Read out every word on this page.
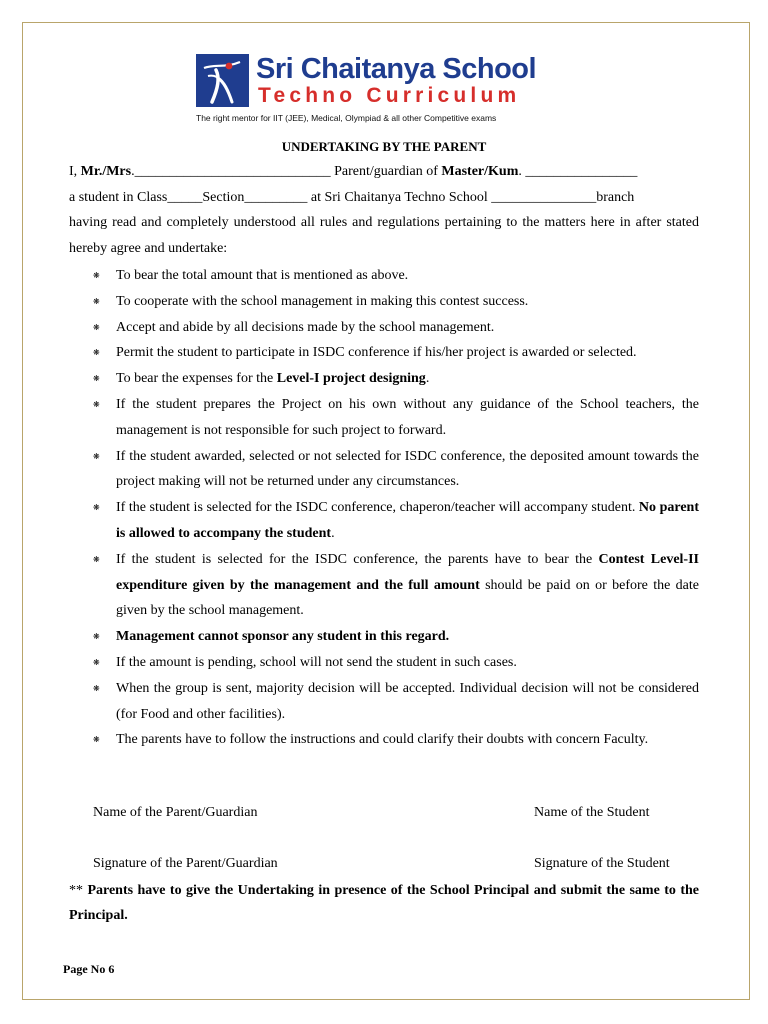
Sri Chaitanya School
Techno Curriculum
The right mentor for IIT (JEE), Medical, Olympiad & all other Competitive exams
UNDERTAKING BY THE PARENT
I, Mr./Mrs.____________________________ Parent/guardian of Master/Kum. ________________
a student in Class_____Section_________ at Sri Chaitanya Techno School _______________branch
having read and completely understood all rules and regulations pertaining to the matters here in after stated hereby agree and undertake:
❋ To bear the total amount that is mentioned as above.
❋ To cooperate with the school management in making this contest success.
❋ Accept and abide by all decisions made by the school management.
❋ Permit the student to participate in ISDC conference if his/her project is awarded or selected.
❋ To bear the expenses for the Level-I project designing.
❋ If the student prepares the Project on his own without any guidance of the School teachers, the management is not responsible for such project to forward.
❋ If the student awarded, selected or not selected for ISDC conference, the deposited amount towards the project making will not be returned under any circumstances.
❋ If the student is selected for the ISDC conference, chaperon/teacher will accompany student. No parent is allowed to accompany the student.
❋ If the student is selected for the ISDC conference, the parents have to bear the Contest Level-II expenditure given by the management and the full amount should be paid on or before the date given by the school management.
❋ Management cannot sponsor any student in this regard.
❋ If the amount is pending, school will not send the student in such cases.
❋ When the group is sent, majority decision will be accepted. Individual decision will not be considered (for Food and other facilities).
❋ The parents have to follow the instructions and could clarify their doubts with concern Faculty.
Name of the Parent/Guardian	Name of the Student
Signature of the Parent/Guardian	Signature of the Student
** Parents have to give the Undertaking in presence of the School Principal and submit the same to the Principal.
Page No 6
